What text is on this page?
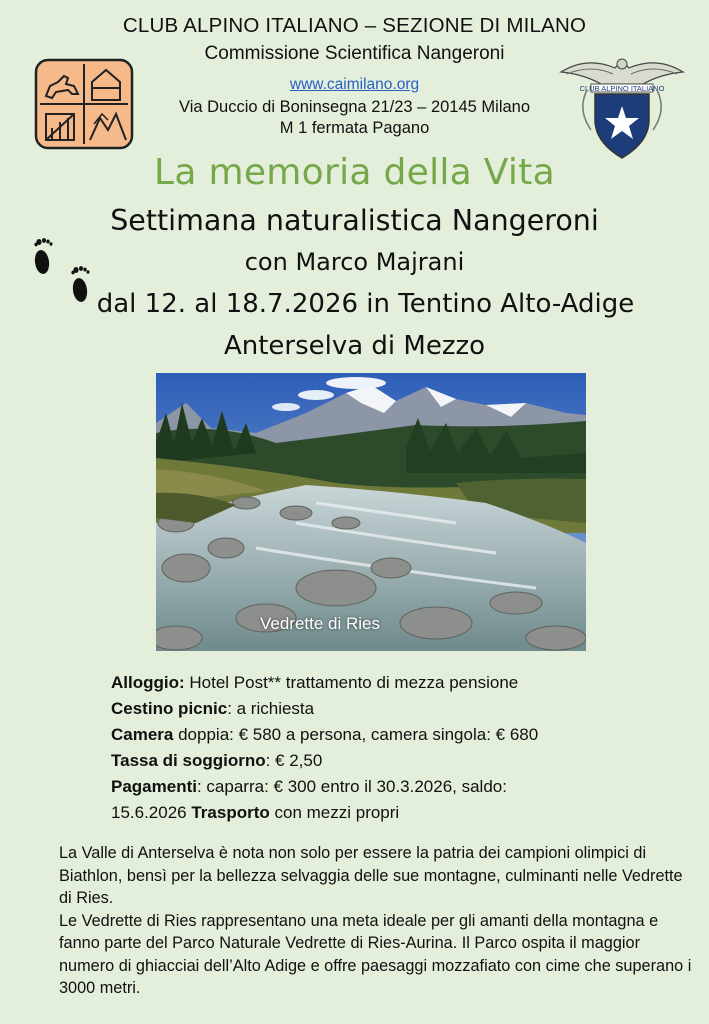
CLUB ALPINO ITALIANO – SEZIONE DI MILANO
Commissione Scientifica Nangeroni
www.caimilano.org
Via Duccio di Boninsegna 21/23 – 20145 Milano
M 1 fermata Pagano
CLUB ALPINO ITALIANO
La memoria della Vita
Settimana naturalistica Nangeroni
con Marco Majrani
dal 12. al 18.7.2026 in Tentino Alto-Adige
Anterselva di Mezzo
Vedrette di Ries
Alloggio: Hotel Post** trattamento di mezza pensione
Cestino picnic: a richiesta
Camera doppia: € 580 a persona, camera singola: € 680
Tassa di soggiorno: € 2,50
Pagamenti: caparra: € 300 entro il 30.3.2026, saldo:
15.6.2026 Trasporto con mezzi propri

La Valle di Anterselva è nota non solo per essere la patria dei campioni olimpici di Biathlon, bensì per la bellezza selvaggia delle sue montagne, culminanti nelle Vedrette di Ries.

Le Vedrette di Ries rappresentano una meta ideale per gli amanti della montagna e fanno parte del Parco Naturale Vedrette di Ries-Aurina. Il Parco ospita il maggior numero di ghiacciai dell’Alto Adige e offre paesaggi mozzafiato con cime che superano i 3000 metri.
